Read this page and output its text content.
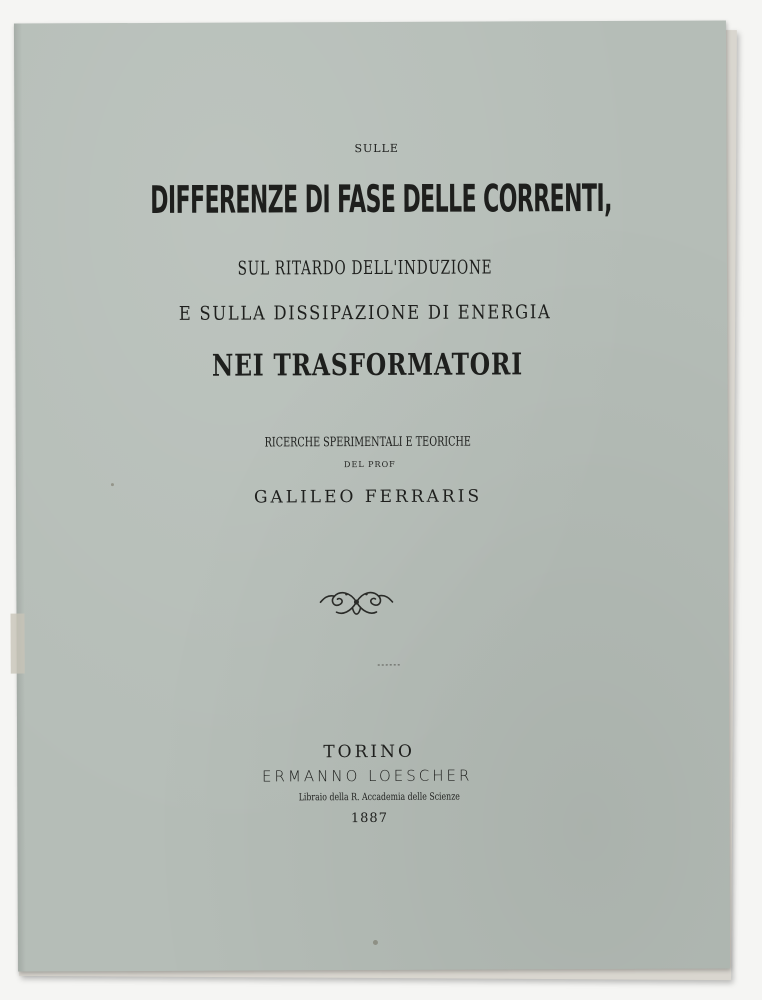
SULLE
DIFFERENZE DI FASE DELLE CORRENTI,
SUL RITARDO DELL'INDUZIONE
E SULLA DISSIPAZIONE DI ENERGIA
NEI TRASFORMATORI
RICERCHE SPERIMENTALI E TEORICHE
DEL PROF
GALILEO FERRARIS
TORINO
ERMANNO LOESCHER
Libraio della R. Accademia delle Scienze
1887
